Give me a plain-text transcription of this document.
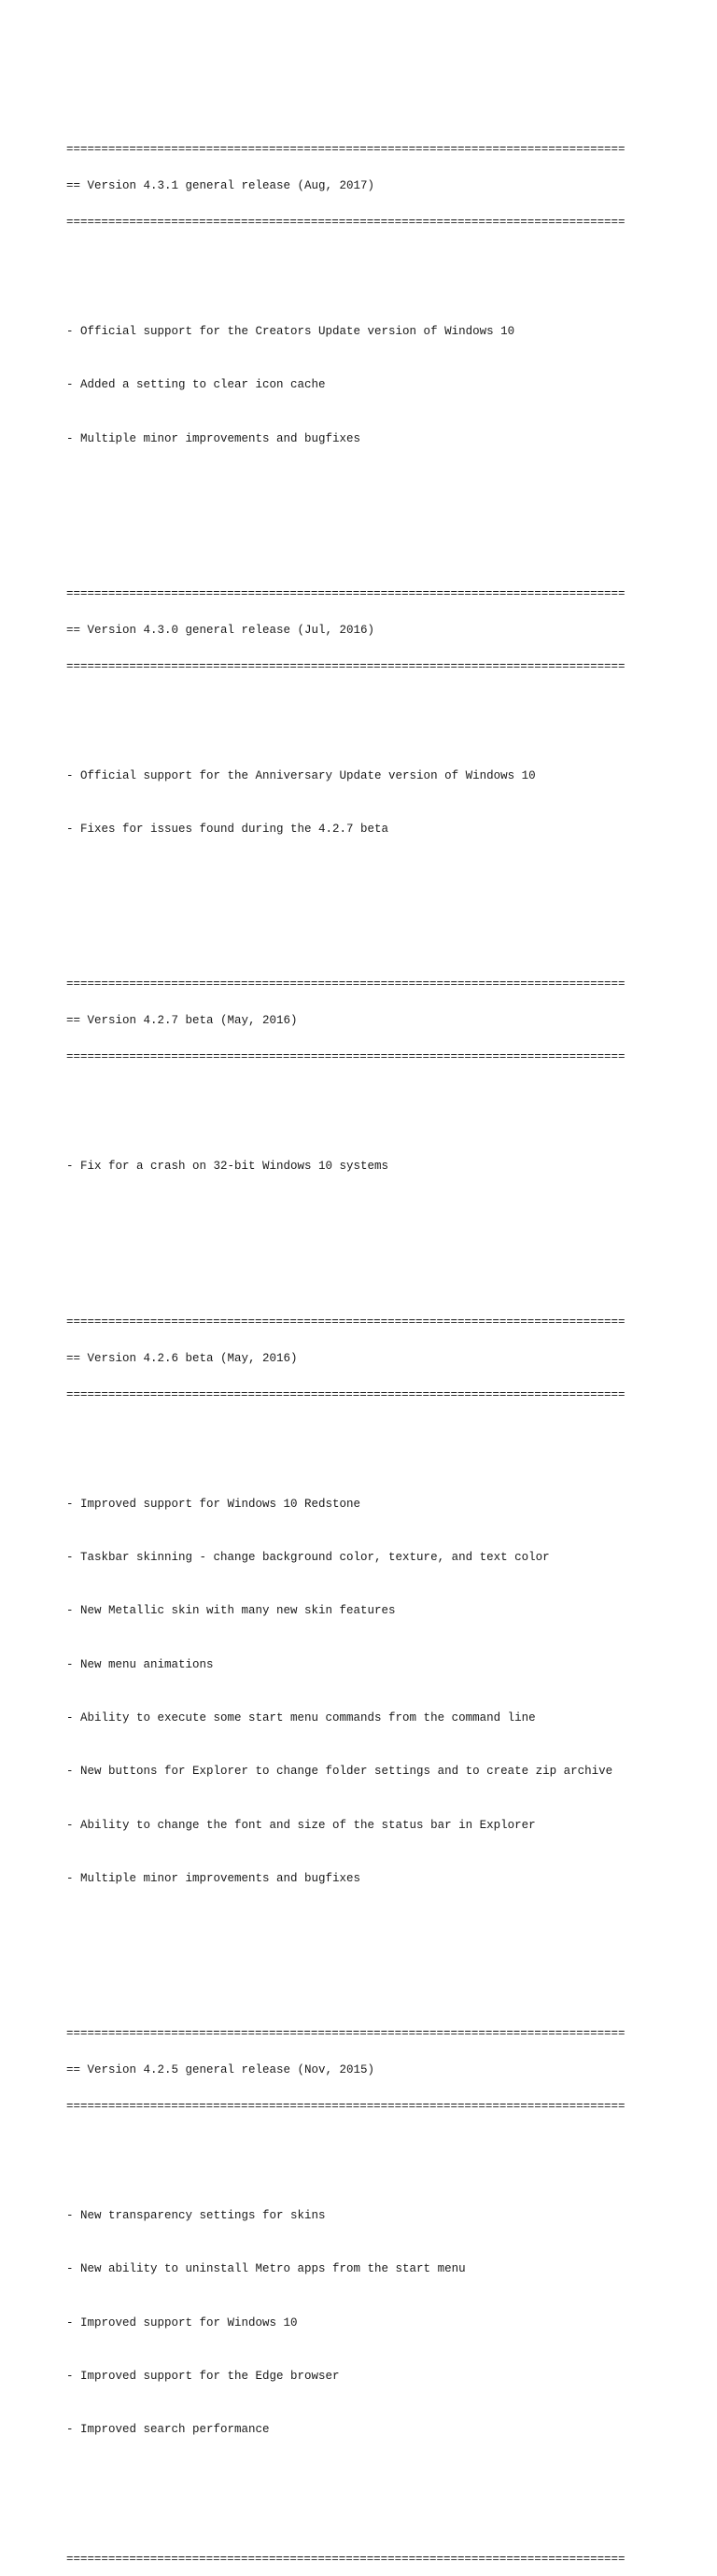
================================================================================

== Version 4.3.1 general release (Aug, 2017)

================================================================================

- Official support for the Creators Update version of Windows 10

- Added a setting to clear icon cache

- Multiple minor improvements and bugfixes

================================================================================

== Version 4.3.0 general release (Jul, 2016)

================================================================================

- Official support for the Anniversary Update version of Windows 10

- Fixes for issues found during the 4.2.7 beta

================================================================================

== Version 4.2.7 beta (May, 2016)

================================================================================

- Fix for a crash on 32-bit Windows 10 systems

================================================================================

== Version 4.2.6 beta (May, 2016)

================================================================================

- Improved support for Windows 10 Redstone

- Taskbar skinning - change background color, texture, and text color

- New Metallic skin with many new skin features

- New menu animations

- Ability to execute some start menu commands from the command line

- New buttons for Explorer to change folder settings and to create zip archive

- Ability to change the font and size of the status bar in Explorer

- Multiple minor improvements and bugfixes

================================================================================

== Version 4.2.5 general release (Nov, 2015)

================================================================================

- New transparency settings for skins

- New ability to uninstall Metro apps from the start menu

- Improved support for Windows 10

- Improved support for the Edge browser

- Improved search performance

================================================================================
